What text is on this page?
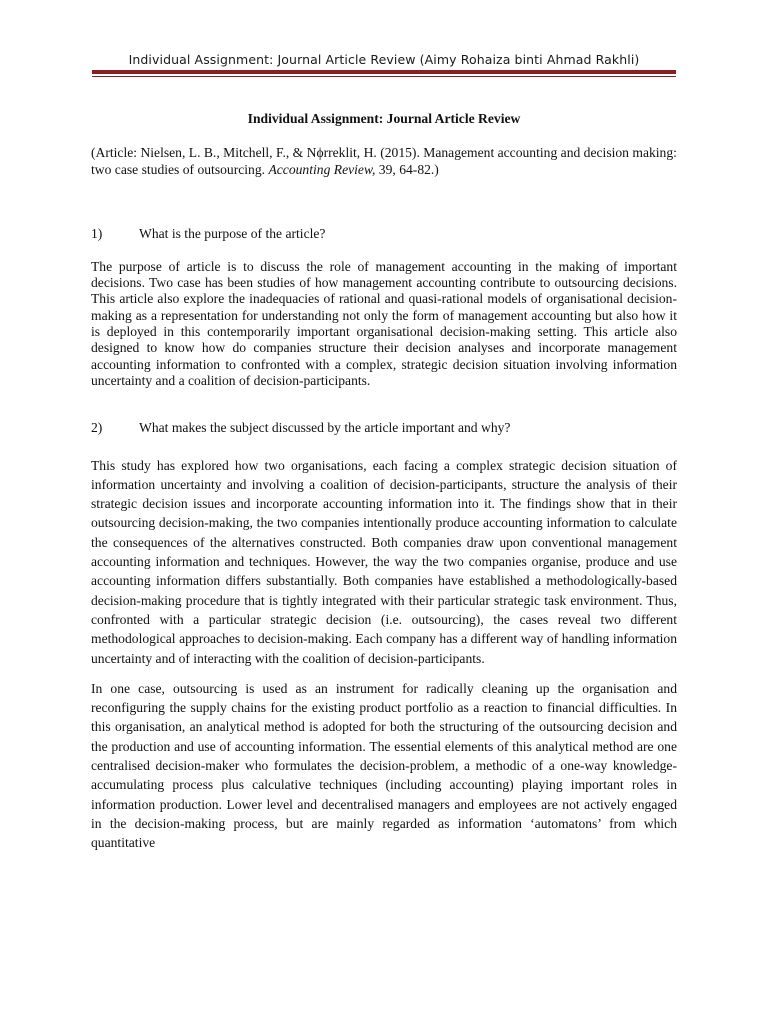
Individual Assignment: Journal Article Review (Aimy Rohaiza binti Ahmad Rakhli)
Individual Assignment: Journal Article Review

(Article: Nielsen, L. B., Mitchell, F., & Nϕrreklit, H. (2015). Management accounting and decision making: two case studies of outsourcing. Accounting Review, 39, 64-82.)

1)	What is the purpose of the article?

The purpose of article is to discuss the role of management accounting in the making of important decisions. Two case has been studies of how management accounting contribute to outsourcing decisions. This article also explore the inadequacies of rational and quasi-rational models of organisational decision-making as a representation for understanding not only the form of management accounting but also how it is deployed in this contemporarily important organisational decision-making setting. This article also designed to know how do companies structure their decision analyses and incorporate management accounting information to confronted with a complex, strategic decision situation involving information uncertainty and a coalition of decision-participants.

2)	What makes the subject discussed by the article important and why?

This study has explored how two organisations, each facing a complex strategic decision situation of information uncertainty and involving a coalition of decision-participants, structure the analysis of their strategic decision issues and incorporate accounting information into it. The findings show that in their outsourcing decision-making, the two companies intentionally produce accounting information to calculate the consequences of the alternatives constructed. Both companies draw upon conventional management accounting information and techniques. However, the way the two companies organise, produce and use accounting information differs substantially. Both companies have established a methodologically-based decision-making procedure that is tightly integrated with their particular strategic task environment. Thus, confronted with a particular strategic decision (i.e. outsourcing), the cases reveal two different methodological approaches to decision-making. Each company has a different way of handling information uncertainty and of interacting with the coalition of decision-participants.

In one case, outsourcing is used as an instrument for radically cleaning up the organisation and reconfiguring the supply chains for the existing product portfolio as a reaction to financial difficulties. In this organisation, an analytical method is adopted for both the structuring of the outsourcing decision and the production and use of accounting information. The essential elements of this analytical method are one centralised decision-maker who formulates the decision-problem, a methodic of a one-way knowledge-accumulating process plus calculative techniques (including accounting) playing important roles in information production. Lower level and decentralised managers and employees are not actively engaged in the decision-making process, but are mainly regarded as information ‘automatons’ from which quantitative
